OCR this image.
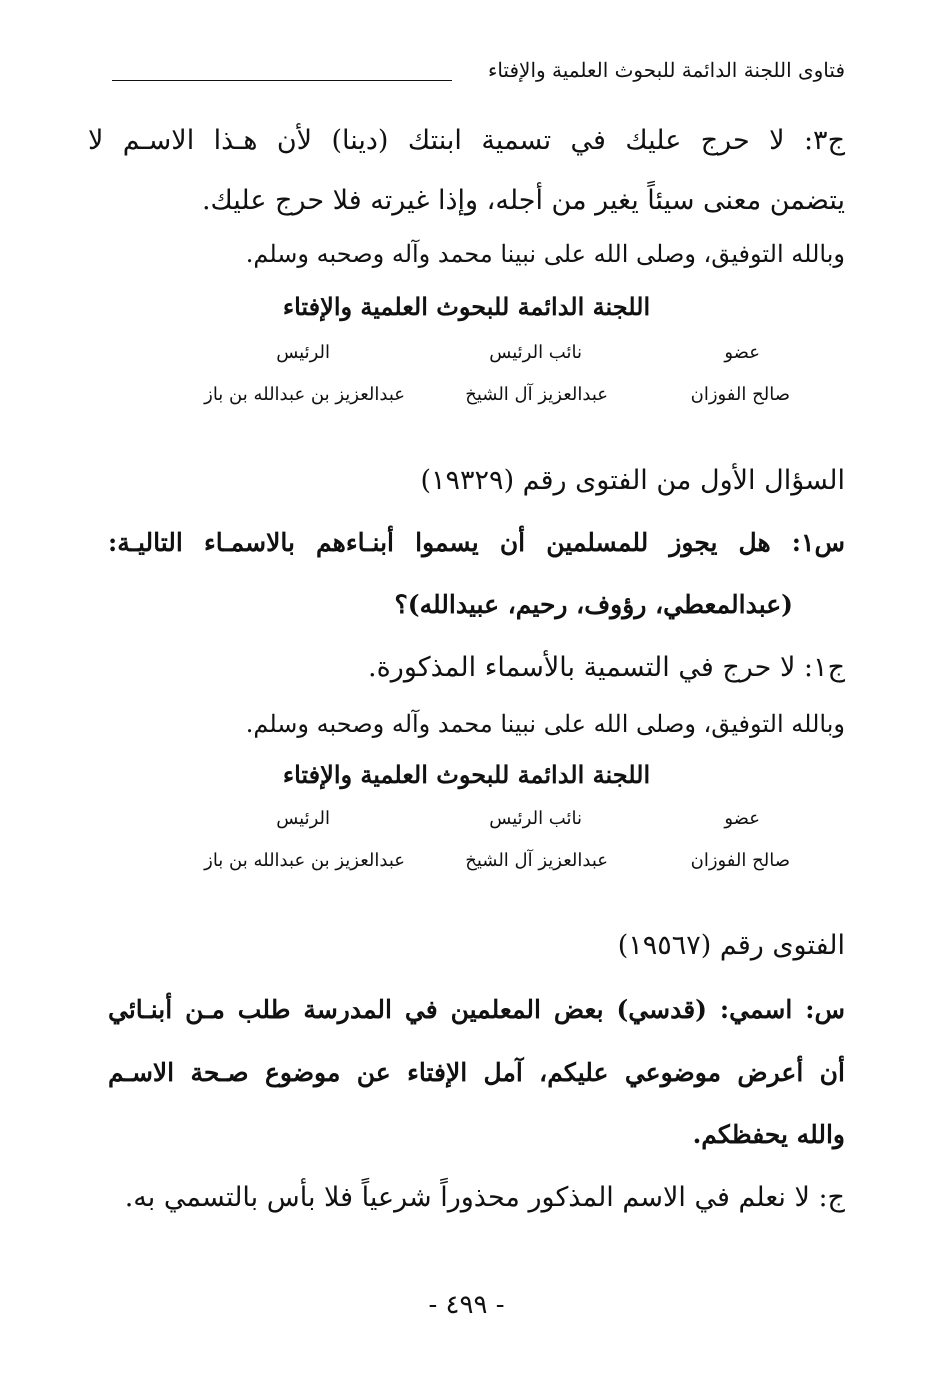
فتاوى اللجنة الدائمة للبحوث العلمية والإفتاء
ج٣: لا حرج عليك في تسمية ابنتك (دينا) لأن هـذا الاسـم لا
يتضمن معنى سيئاً يغير من أجله، وإذا غيرته فلا حرج عليك.
وبالله التوفيق، وصلى الله على نبينا محمد وآله وصحبه وسلم.
اللجنة الدائمة للبحوث العلمية والإفتاء
عضو
نائب الرئيس
الرئيس
صالح الفوزان
عبدالعزيز آل الشيخ
عبدالعزيز بن عبدالله بن باز
السؤال الأول من الفتوى رقم (١٩٣٢٩)
س١: هل يجوز للمسلمين أن يسموا أبنـاءهم بالاسمـاء التاليـة:
(عبدالمعطي، رؤوف، رحيم، عبيدالله)؟
ج١: لا حرج في التسمية بالأسماء المذكورة.
وبالله التوفيق، وصلى الله على نبينا محمد وآله وصحبه وسلم.
اللجنة الدائمة للبحوث العلمية والإفتاء
عضو
نائب الرئيس
الرئيس
صالح الفوزان
عبدالعزيز آل الشيخ
عبدالعزيز بن عبدالله بن باز
الفتوى رقم (١٩٥٦٧)
س: اسمي: (قدسي) بعض المعلمين في المدرسة طلب مـن أبنـائي
أن أعرض موضوعي عليكم، آمل الإفتاء عن موضوع صـحة الاسـم
والله يحفظكم.
ج: لا نعلم في الاسم المذكور محذوراً شرعياً فلا بأس بالتسمي به.
- ٤٩٩ -
